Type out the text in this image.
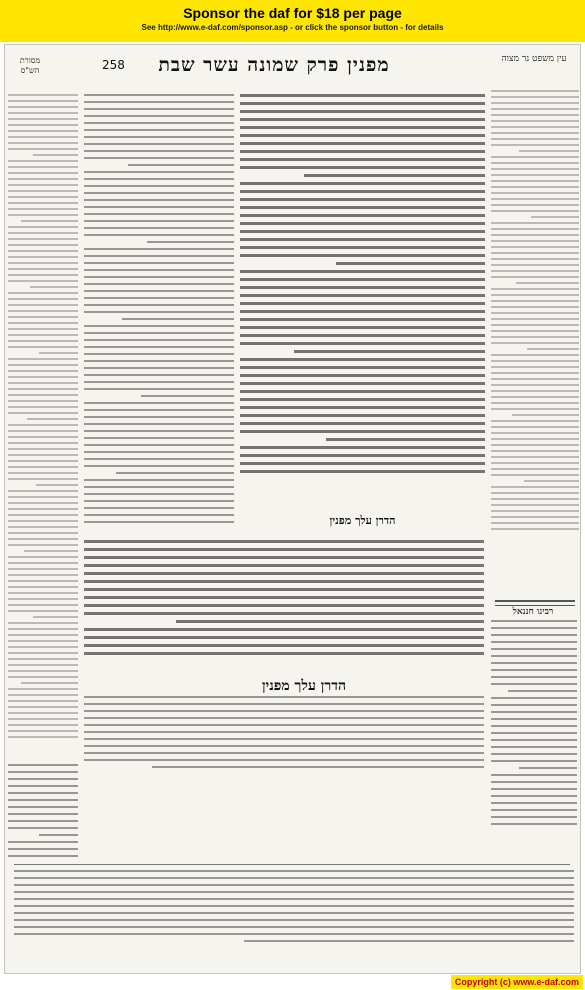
Sponsor the daf for $18 per page
See http://www.e-daf.com/sponsor.asp - or click the sponsor button - for details
מסורת הש"ס	258 מפנין פרק שמונה עשר שבת	עין משפט נר מצוה
הדרן עלך מפנין
רבינו חננאל
הדרן עלך מפנין
Copyright (c) www.e-daf.com
